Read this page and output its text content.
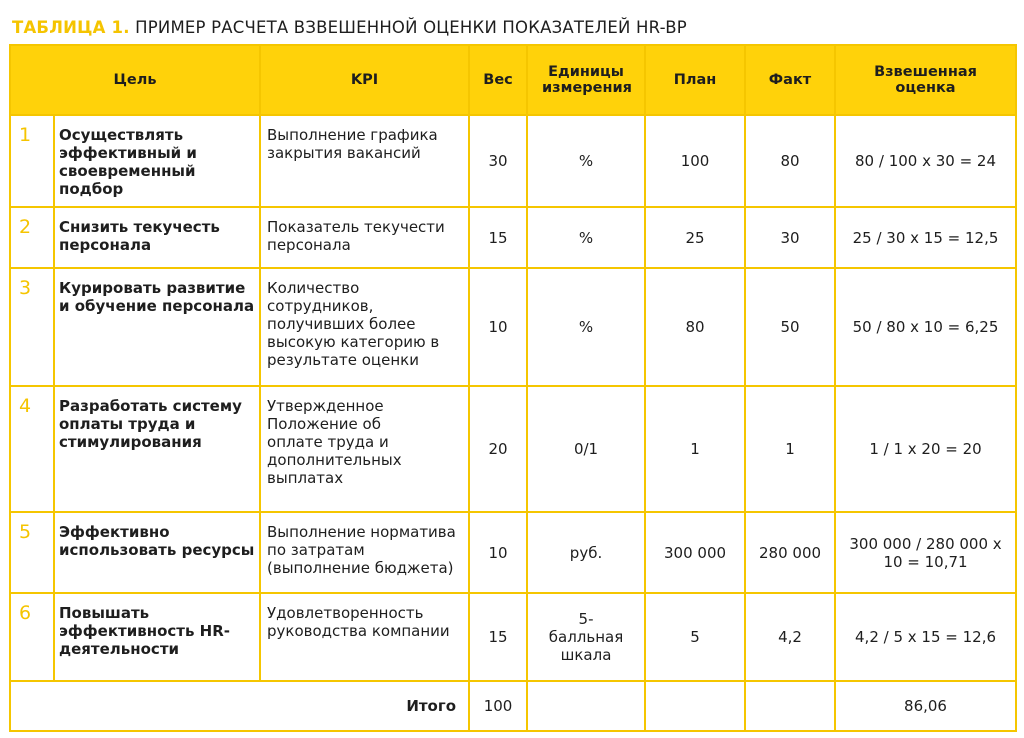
ТАБЛИЦА 1. ПРИМЕР РАСЧЕТА ВЗВЕШЕННОЙ ОЦЕНКИ ПОКАЗАТЕЛЕЙ HR-BP
Цель		KPI	Вес	Единицы измерения	План	Факт	Взвешенная оценка
1	Осуществлять эффективный и своевременный подбор	Выполнение графика закрытия вакансий	30	%	100	80	80 / 100 х 30 = 24
2	Снизить текучесть персонала	Показатель текучести персонала	15	%	25	30	25 / 30 х 15 = 12,5
3	Курировать развитие и обучение персонала	Количество сотрудников, получивших более высокую категорию в результате оценки	10	%	80	50	50 / 80 х 10 = 6,25
4	Разработать систему оплаты труда и стимулирования	Утвержденное Положение об оплате труда и дополнительных выплатах	20	0/1	1	1	1 / 1 х 20 = 20
5	Эффективно использовать ресурсы	Выполнение норматива по затратам (выполнение бюджета)	10	руб.	300 000	280 000	300 000 / 280 000 х 10 = 10,71
6	Повышать эффективность HR-деятельности	Удовлетворенность руководства компании	15	5-балльная шкала	5	4,2	4,2 / 5 х 15 = 12,6
Итого			100				86,06
